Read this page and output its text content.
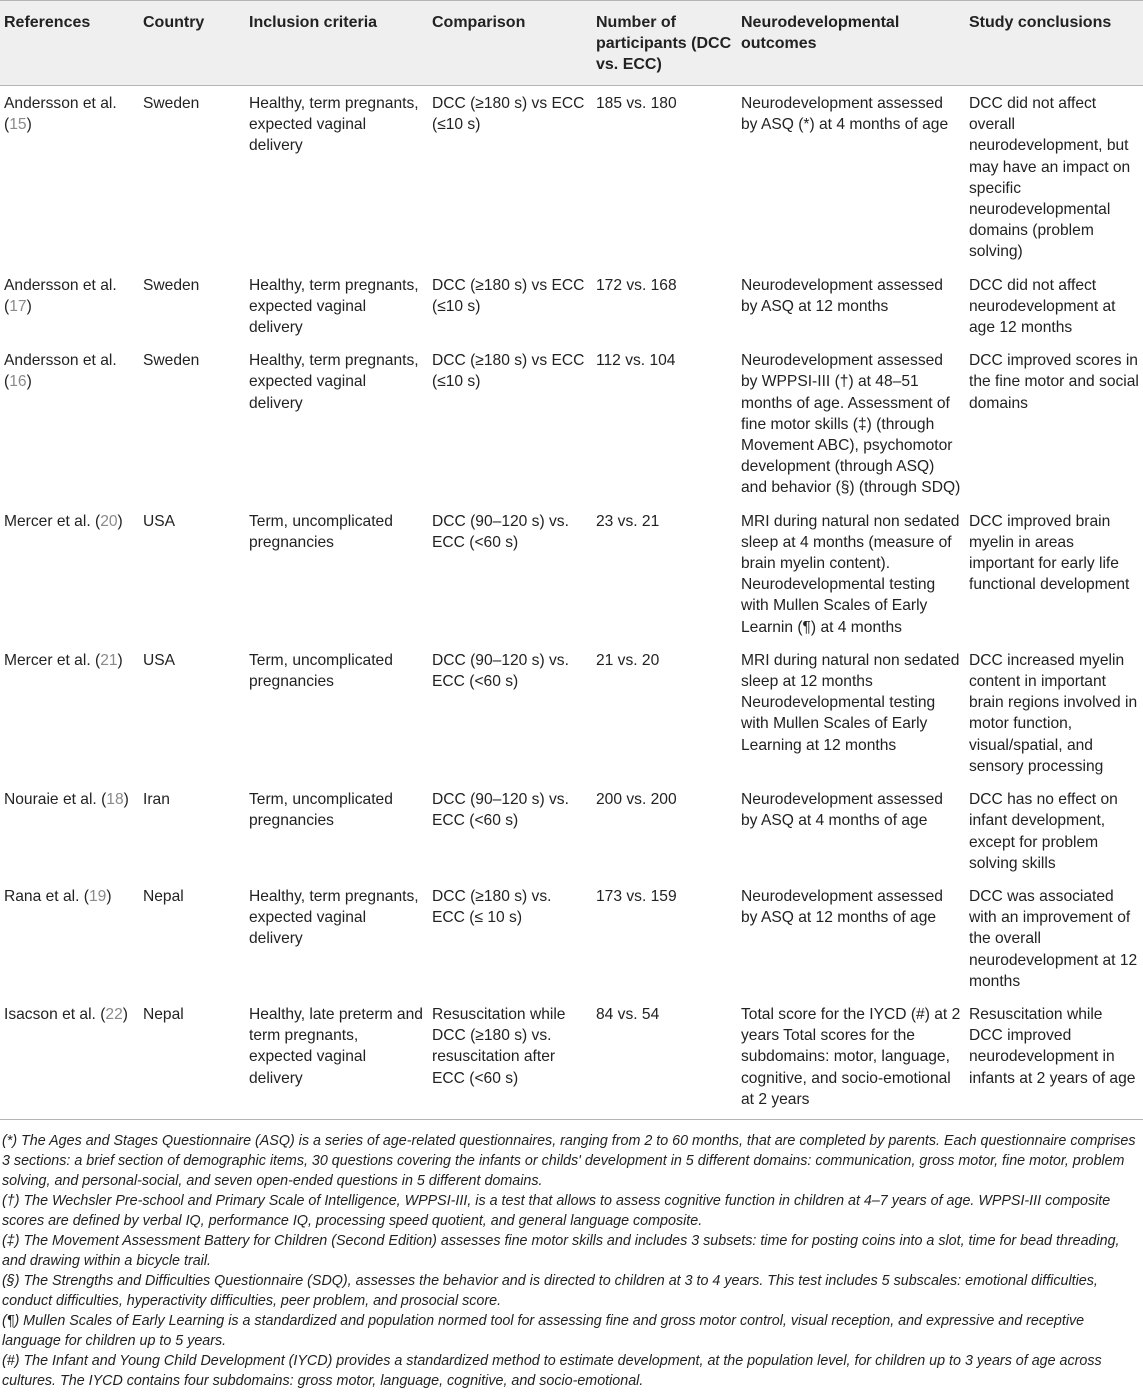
References	Country	Inclusion criteria	Comparison	Number of participants (DCC vs. ECC)	Neurodevelopmental outcomes	Study conclusions
Andersson et al. (15)	Sweden	Healthy, term pregnants, expected vaginal delivery	DCC (≥180 s) vs ECC (≤10 s)	185 vs. 180	Neurodevelopment assessed by ASQ (*) at 4 months of age	DCC did not affect overall neurodevelopment, but may have an impact on specific neurodevelopmental domains (problem solving)
Andersson et al. (17)	Sweden	Healthy, term pregnants, expected vaginal delivery	DCC (≥180 s) vs ECC (≤10 s)	172 vs. 168	Neurodevelopment assessed by ASQ at 12 months	DCC did not affect neurodevelopment at age 12 months
Andersson et al. (16)	Sweden	Healthy, term pregnants, expected vaginal delivery	DCC (≥180 s) vs ECC (≤10 s)	112 vs. 104	Neurodevelopment assessed by WPPSI-III (†) at 48–51 months of age. Assessment of fine motor skills (‡) (through Movement ABC), psychomotor development (through ASQ) and behavior (§) (through SDQ)	DCC improved scores in the fine motor and social domains
Mercer et al. (20)	USA	Term, uncomplicated pregnancies	DCC (90–120 s) vs. ECC (<60 s)	23 vs. 21	MRI during natural non sedated sleep at 4 months (measure of brain myelin content). Neurodevelopmental testing with Mullen Scales of Early Learnin (¶) at 4 months	DCC improved brain myelin in areas important for early life functional development
Mercer et al. (21)	USA	Term, uncomplicated pregnancies	DCC (90–120 s) vs. ECC (<60 s)	21 vs. 20	MRI during natural non sedated sleep at 12 months Neurodevelopmental testing with Mullen Scales of Early Learning at 12 months	DCC increased myelin content in important brain regions involved in motor function, visual/spatial, and sensory processing
Nouraie et al. (18)	Iran	Term, uncomplicated pregnancies	DCC (90–120 s) vs. ECC (<60 s)	200 vs. 200	Neurodevelopment assessed by ASQ at 4 months of age	DCC has no effect on infant development, except for problem solving skills
Rana et al. (19)	Nepal	Healthy, term pregnants, expected vaginal delivery	DCC (≥180 s) vs. ECC (≤ 10 s)	173 vs. 159	Neurodevelopment assessed by ASQ at 12 months of age	DCC was associated with an improvement of the overall neurodevelopment at 12 months
Isacson et al. (22)	Nepal	Healthy, late preterm and term pregnants, expected vaginal delivery	Resuscitation while DCC (≥180 s) vs. resuscitation after ECC (<60 s)	84 vs. 54	Total score for the IYCD (#) at 2 years Total scores for the subdomains: motor, language, cognitive, and socio-emotional at 2 years	Resuscitation while DCC improved neurodevelopment in infants at 2 years of age
(*) The Ages and Stages Questionnaire (ASQ) is a series of age-related questionnaires, ranging from 2 to 60 months, that are completed by parents. Each questionnaire comprises 3 sections: a brief section of demographic items, 30 questions covering the infants or childs' development in 5 different domains: communication, gross motor, fine motor, problem solving, and personal-social, and seven open-ended questions in 5 different domains.
(†) The Wechsler Pre-school and Primary Scale of Intelligence, WPPSI-III, is a test that allows to assess cognitive function in children at 4–7 years of age. WPPSI-III composite scores are defined by verbal IQ, performance IQ, processing speed quotient, and general language composite.
(‡) The Movement Assessment Battery for Children (Second Edition) assesses fine motor skills and includes 3 subsets: time for posting coins into a slot, time for bead threading, and drawing within a bicycle trail.
(§) The Strengths and Difficulties Questionnaire (SDQ), assesses the behavior and is directed to children at 3 to 4 years. This test includes 5 subscales: emotional difficulties, conduct difficulties, hyperactivity difficulties, peer problem, and prosocial score.
(¶) Mullen Scales of Early Learning is a standardized and population normed tool for assessing fine and gross motor control, visual reception, and expressive and receptive language for children up to 5 years.
(#) The Infant and Young Child Development (IYCD) provides a standardized method to estimate development, at the population level, for children up to 3 years of age across cultures. The IYCD contains four subdomains: gross motor, language, cognitive, and socio-emotional.
